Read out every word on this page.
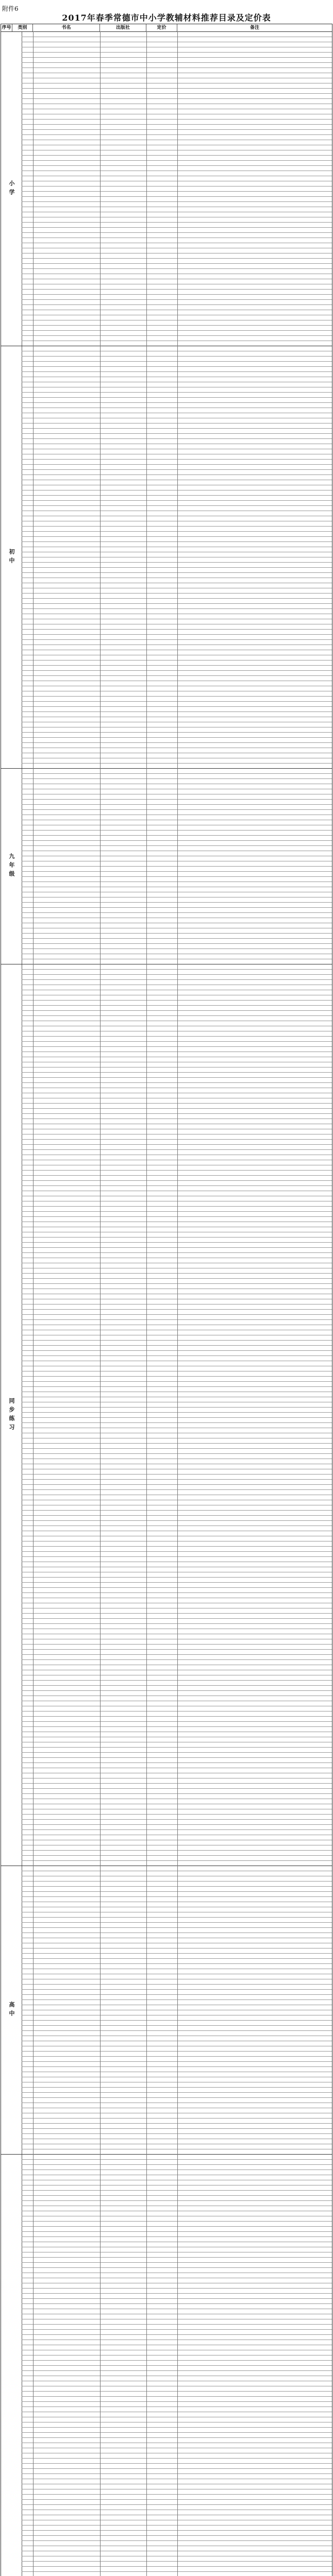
附件6
2017年春季常德市中小学教辅材料推荐目录及定价表
序号	类别	书名	出版社	定价	备注
小学
初中
九年级
同步练习
高中
